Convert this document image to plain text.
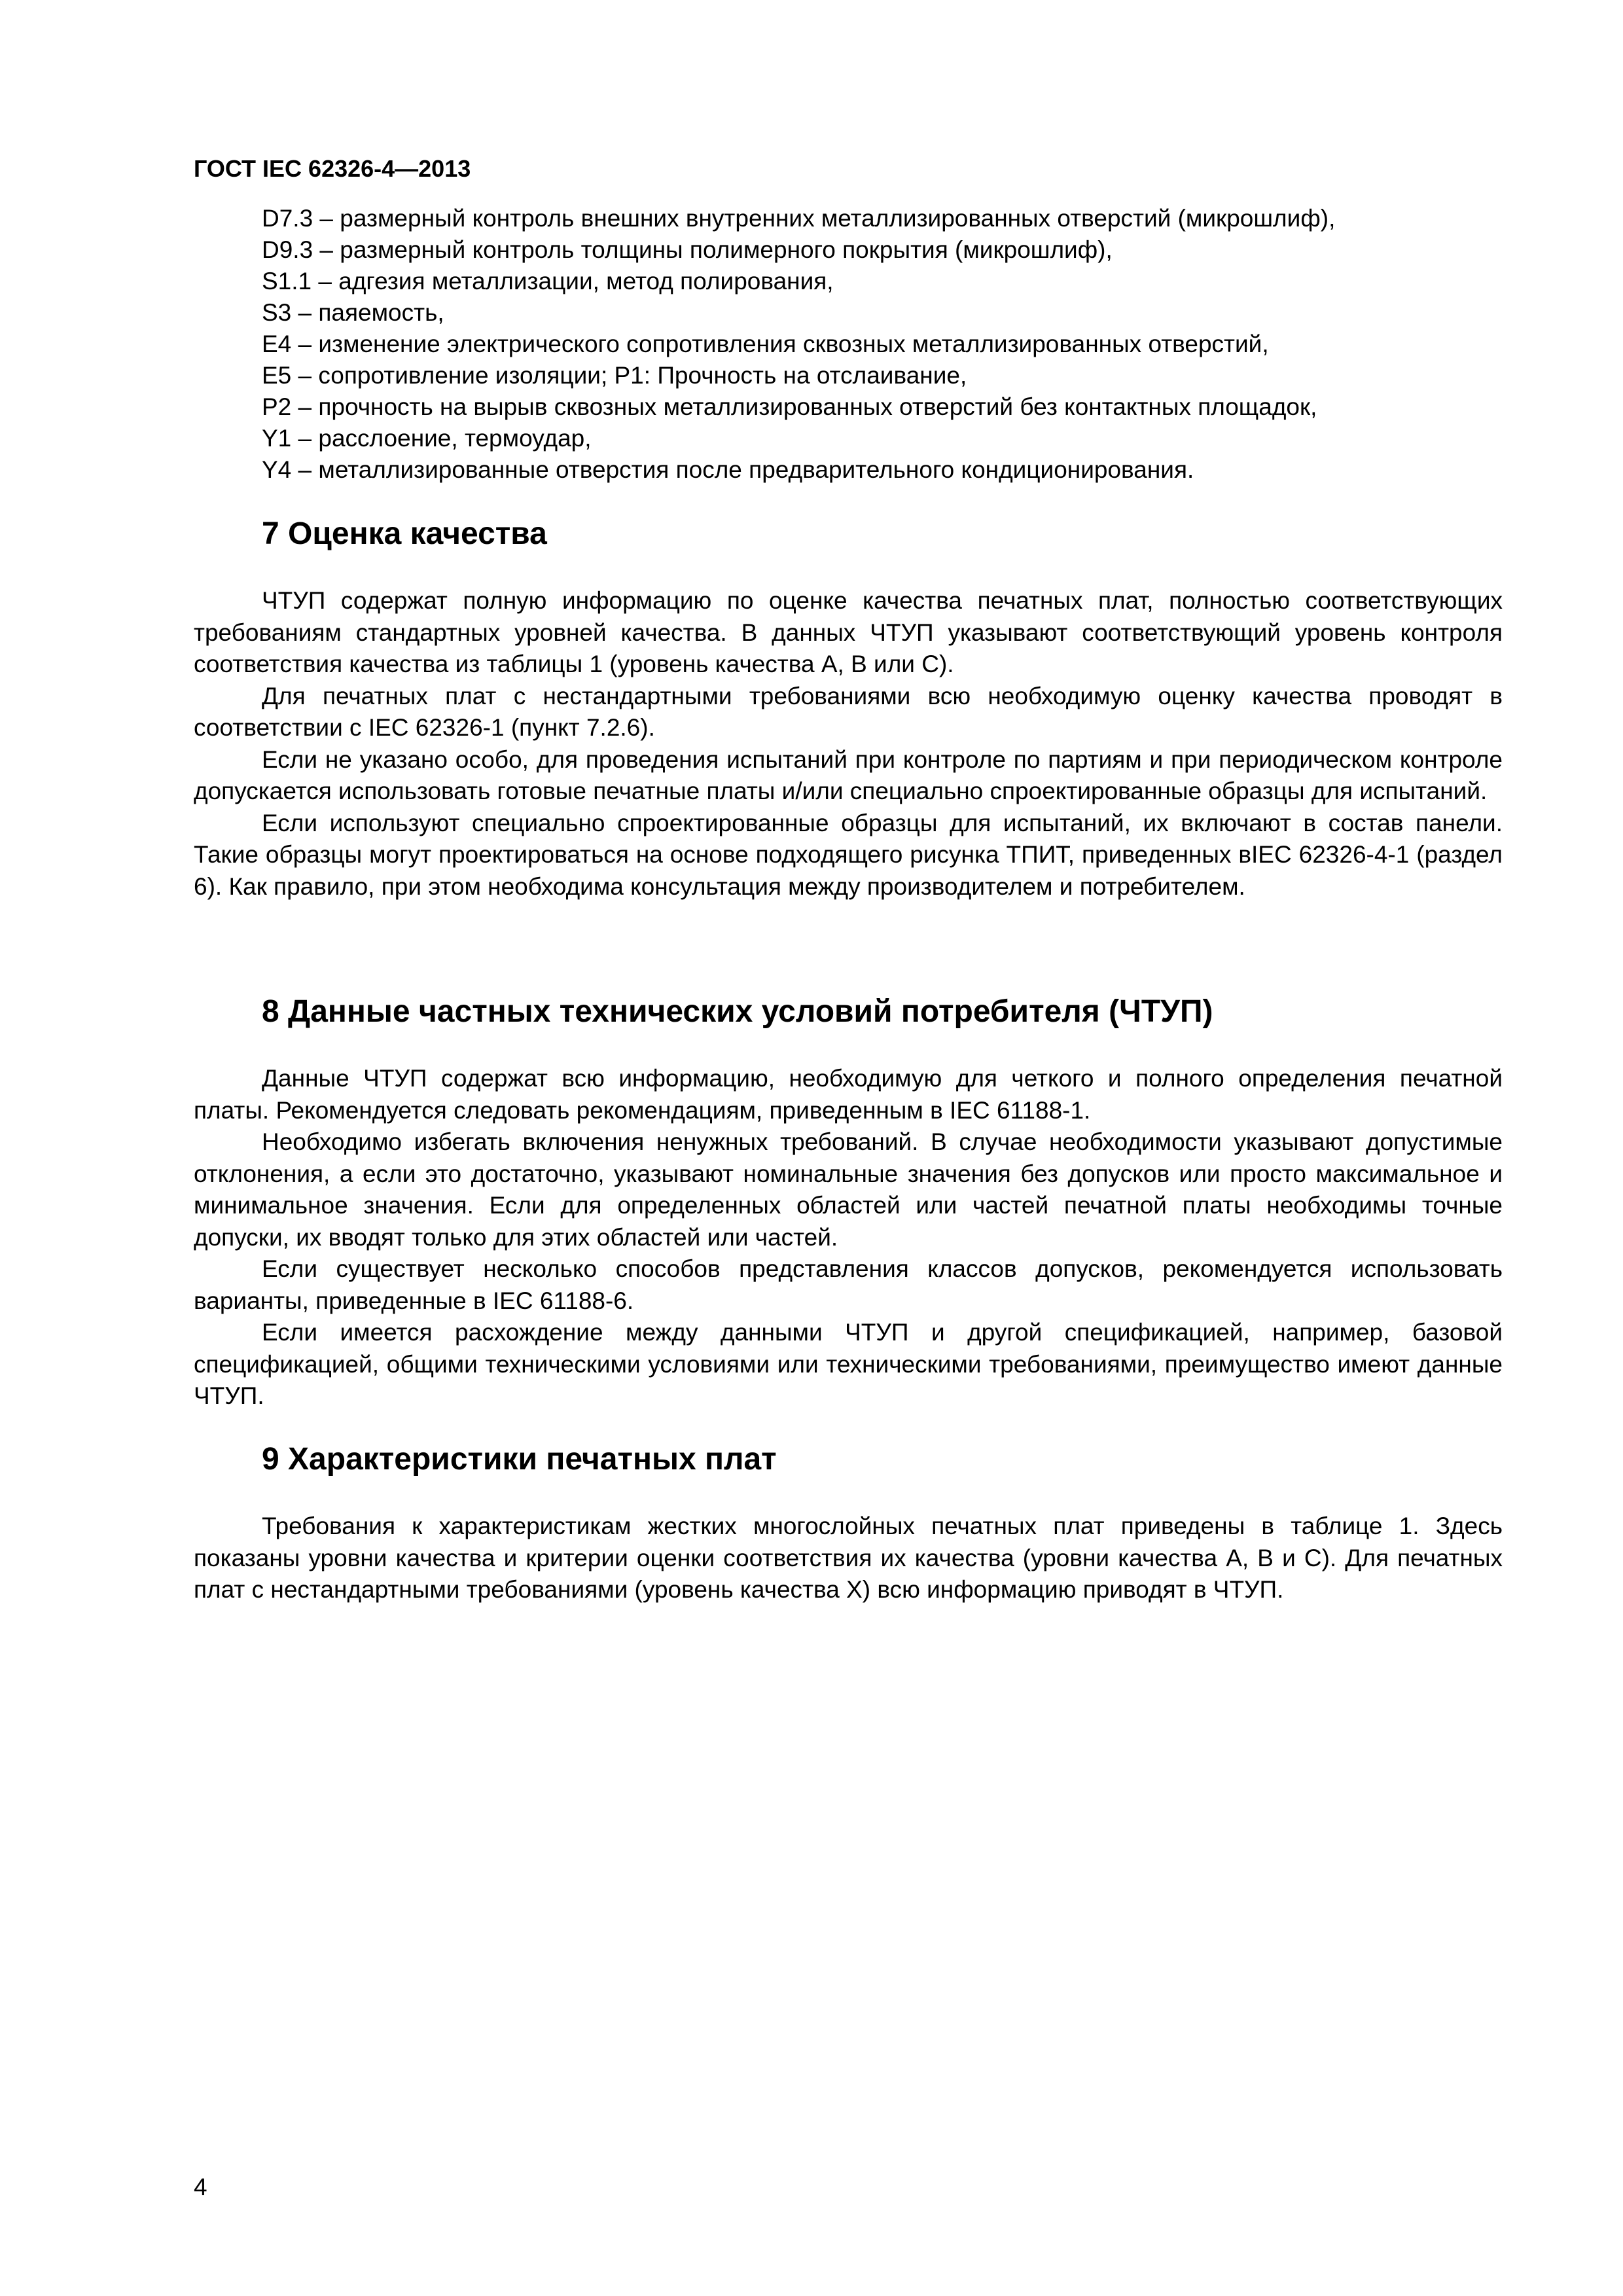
ГОСТ IEC 62326-4—2013
D7.3 – размерный контроль внешних внутренних металлизированных отверстий (микрошлиф),
D9.3 – размерный контроль толщины полимерного покрытия (микрошлиф),
S1.1 – адгезия металлизации, метод полирования,
S3 – паяемость,
E4 – изменение электрического сопротивления сквозных металлизированных отверстий,
E5 – сопротивление изоляции; P1: Прочность на отслаивание,
P2 – прочность на вырыв сквозных металлизированных отверстий без контактных площадок,
Y1 – расслоение, термоудар,
Y4 – металлизированные отверстия после предварительного кондиционирования.
7 Оценка качества

ЧТУП содержат полную информацию по оценке качества печатных плат, полностью соответствующих требованиям стандартных уровней качества. В данных ЧТУП указывают соответствующий уровень контроля соответствия качества из таблицы 1 (уровень качества А, В или С).

Для печатных плат с нестандартными требованиями всю необходимую оценку качества проводят в соответствии с IEC 62326-1 (пункт 7.2.6).

Если не указано особо, для проведения испытаний при контроле по партиям и при периодическом контроле допускается использовать готовые печатные платы и/или специально спроектированные образцы для испытаний.

Если используют специально спроектированные образцы для испытаний, их включают в состав панели. Такие образцы могут проектироваться на основе подходящего рисунка ТПИТ, приведенных вIEC 62326-4-1 (раздел 6). Как правило, при этом необходима консультация между производителем и потребителем.

8 Данные частных технических условий потребителя (ЧТУП)

Данные ЧТУП содержат всю информацию, необходимую для четкого и полного определения печатной платы. Рекомендуется следовать рекомендациям, приведенным в IEC 61188-1.

Необходимо избегать включения ненужных требований. В случае необходимости указывают допустимые отклонения, а если это достаточно, указывают номинальные значения без допусков или просто максимальное и минимальное значения. Если для определенных областей или частей печатной платы необходимы точные допуски, их вводят только для этих областей или частей.

Если существует несколько способов представления классов допусков, рекомендуется использовать варианты, приведенные в IEC 61188-6.

Если имеется расхождение между данными ЧТУП и другой спецификацией, например, базовой спецификацией, общими техническими условиями или техническими требованиями, преимущество имеют данные ЧТУП.

9 Характеристики печатных плат

Требования к характеристикам жестких многослойных печатных плат приведены в таблице 1. Здесь показаны уровни качества и критерии оценки соответствия их качества (уровни качества А, В и С). Для печатных плат с нестандартными требованиями (уровень качества X) всю информацию приводят в ЧТУП.

4
